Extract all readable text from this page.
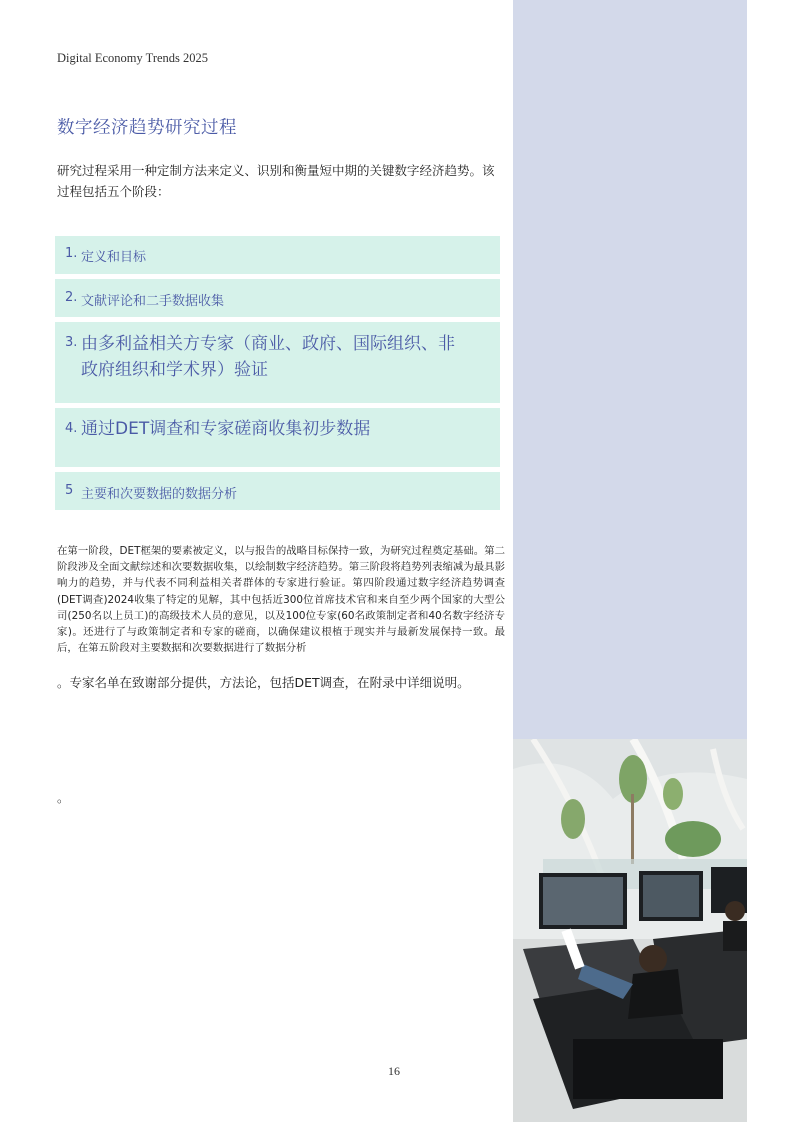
Digital Economy Trends 2025
数字经济趋势研究过程
研究过程采用一种定制方法来定义、识别和衡量短中期的关键数字经济趋势。该过程包括五个阶段：
1. 定义和目标
2. 文献评论和二手数据收集
3. 由多利益相关方专家（商业、政府、国际组织、非政府组织和学术界）验证
4. 通过DET调查和专家磋商收集初步数据
5 主要和次要数据的数据分析
在第一阶段，DET框架的要素被定义，以与报告的战略目标保持一致，为研究过程奠定基础。第二阶段涉及全面文献综述和次要数据收集，以绘制数字经济趋势。第三阶段将趋势列表缩减为最具影响力的趋势，并与代表不同利益相关者群体的专家进行验证。第四阶段通过数字经济趋势调查(DET调查)2024收集了特定的见解，其中包括近300位首席技术官和来自至少两个国家的大型公司(250名以上员工)的高级技术人员的意见，以及100位专家(60名政策制定者和40名数字经济专家)。还进行了与政策制定者和专家的磋商，以确保建议根植于现实并与最新发展保持一致。最后，在第五阶段对主要数据和次要数据进行了数据分析
。专家名单在致谢部分提供，方法论，包括DET调查，在附录中详细说明。
。
16
